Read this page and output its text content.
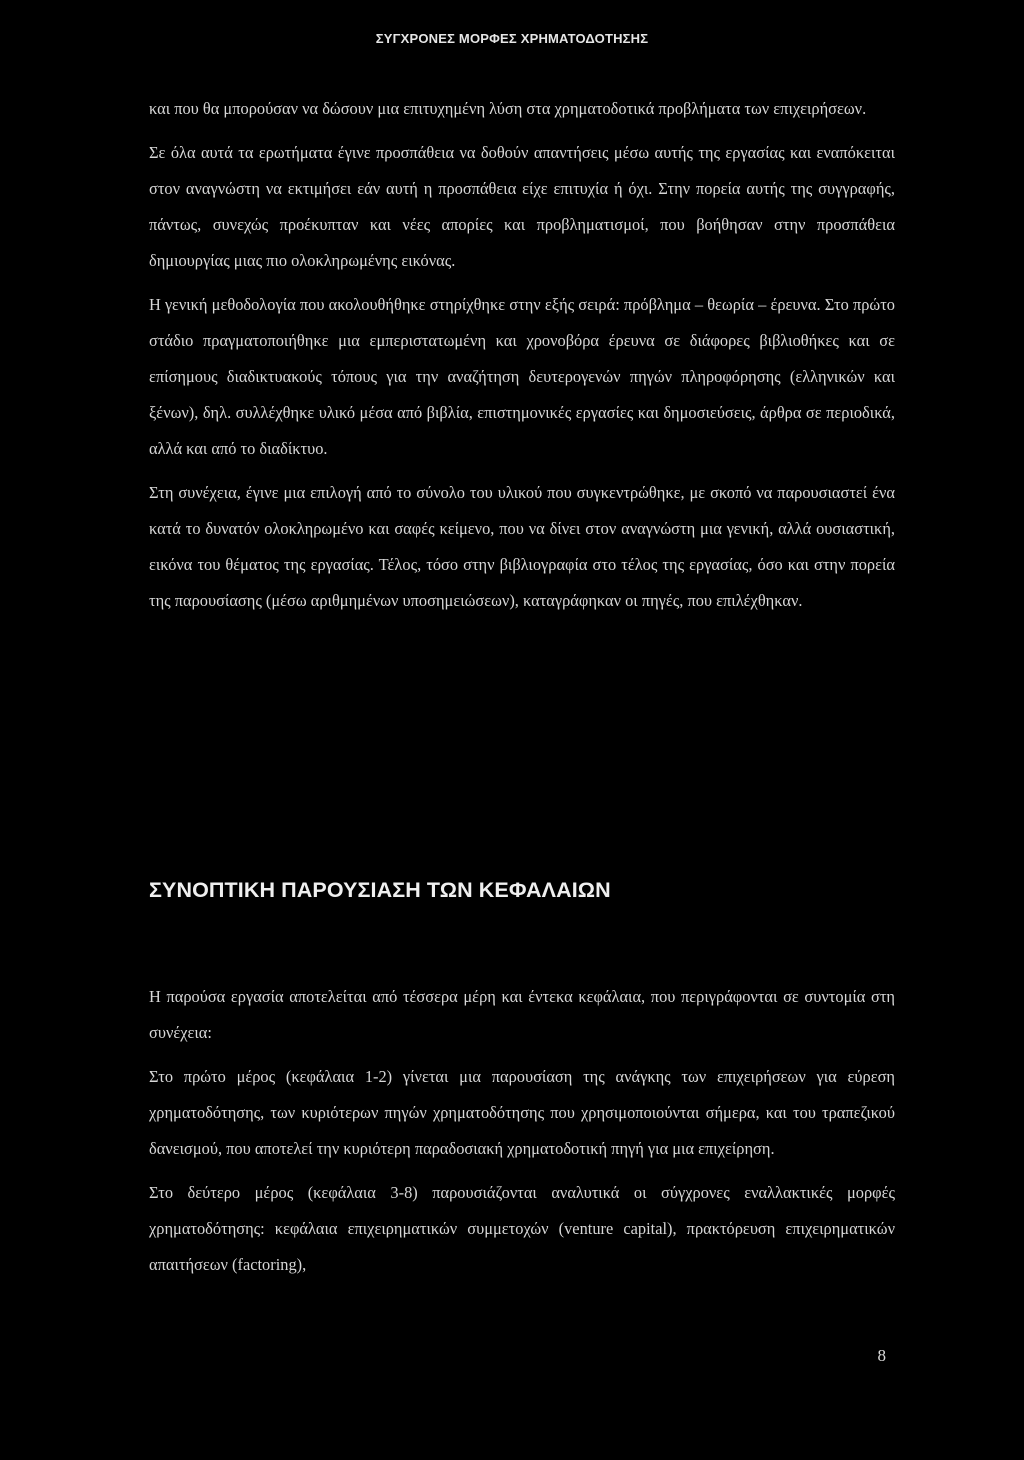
ΣΥΓΧΡΟΝΕΣ ΜΟΡΦΕΣ ΧΡΗΜΑΤΟΔΟΤΗΣΗΣ

και που θα μπορούσαν να δώσουν μια επιτυχημένη λύση στα χρηματοδοτικά προβλήματα των επιχειρήσεων.

Σε όλα αυτά τα ερωτήματα έγινε προσπάθεια να δοθούν απαντήσεις μέσω αυτής της εργασίας και εναπόκειται στον αναγνώστη να εκτιμήσει εάν αυτή η προσπάθεια είχε επιτυχία ή όχι. Στην πορεία αυτής της συγγραφής, πάντως, συνεχώς προέκυπταν και νέες απορίες και προβληματισμοί, που βοήθησαν στην προσπάθεια δημιουργίας μιας πιο ολοκληρωμένης εικόνας.

Η γενική μεθοδολογία που ακολουθήθηκε στηρίχθηκε στην εξής σειρά: πρόβλημα – θεωρία – έρευνα. Στο πρώτο στάδιο πραγματοποιήθηκε μια εμπεριστατωμένη και χρονοβόρα έρευνα σε διάφορες βιβλιοθήκες και σε επίσημους διαδικτυακούς τόπους για την αναζήτηση δευτερογενών πηγών πληροφόρησης (ελληνικών και ξένων), δηλ. συλλέχθηκε υλικό μέσα από βιβλία, επιστημονικές εργασίες και δημοσιεύσεις, άρθρα σε περιοδικά, αλλά και από το διαδίκτυο.

Στη συνέχεια, έγινε μια επιλογή από το σύνολο του υλικού που συγκεντρώθηκε, με σκοπό να παρουσιαστεί ένα κατά το δυνατόν ολοκληρωμένο και σαφές κείμενο, που να δίνει στον αναγνώστη μια γενική, αλλά ουσιαστική, εικόνα του θέματος της εργασίας. Τέλος, τόσο στην βιβλιογραφία στο τέλος της εργασίας, όσο και στην πορεία της παρουσίασης (μέσω αριθμημένων υποσημειώσεων), καταγράφηκαν οι πηγές, που επιλέχθηκαν.

ΣΥΝΟΠΤΙΚΗ ΠΑΡΟΥΣΙΑΣΗ ΤΩΝ ΚΕΦΑΛΑΙΩΝ

Η παρούσα εργασία αποτελείται από τέσσερα μέρη και έντεκα κεφάλαια, που περιγράφονται σε συντομία στη συνέχεια:

Στο πρώτο μέρος (κεφάλαια 1-2) γίνεται μια παρουσίαση της ανάγκης των επιχειρήσεων για εύρεση χρηματοδότησης, των κυριότερων πηγών χρηματοδότησης που χρησιμοποιούνται σήμερα, και του τραπεζικού δανεισμού, που αποτελεί την κυριότερη παραδοσιακή χρηματοδοτική πηγή για μια επιχείρηση.

Στο δεύτερο μέρος (κεφάλαια 3-8) παρουσιάζονται αναλυτικά οι σύγχρονες εναλλακτικές μορφές χρηματοδότησης: κεφάλαια επιχειρηματικών συμμετοχών (venture capital), πρακτόρευση επιχειρηματικών απαιτήσεων (factoring),

8
